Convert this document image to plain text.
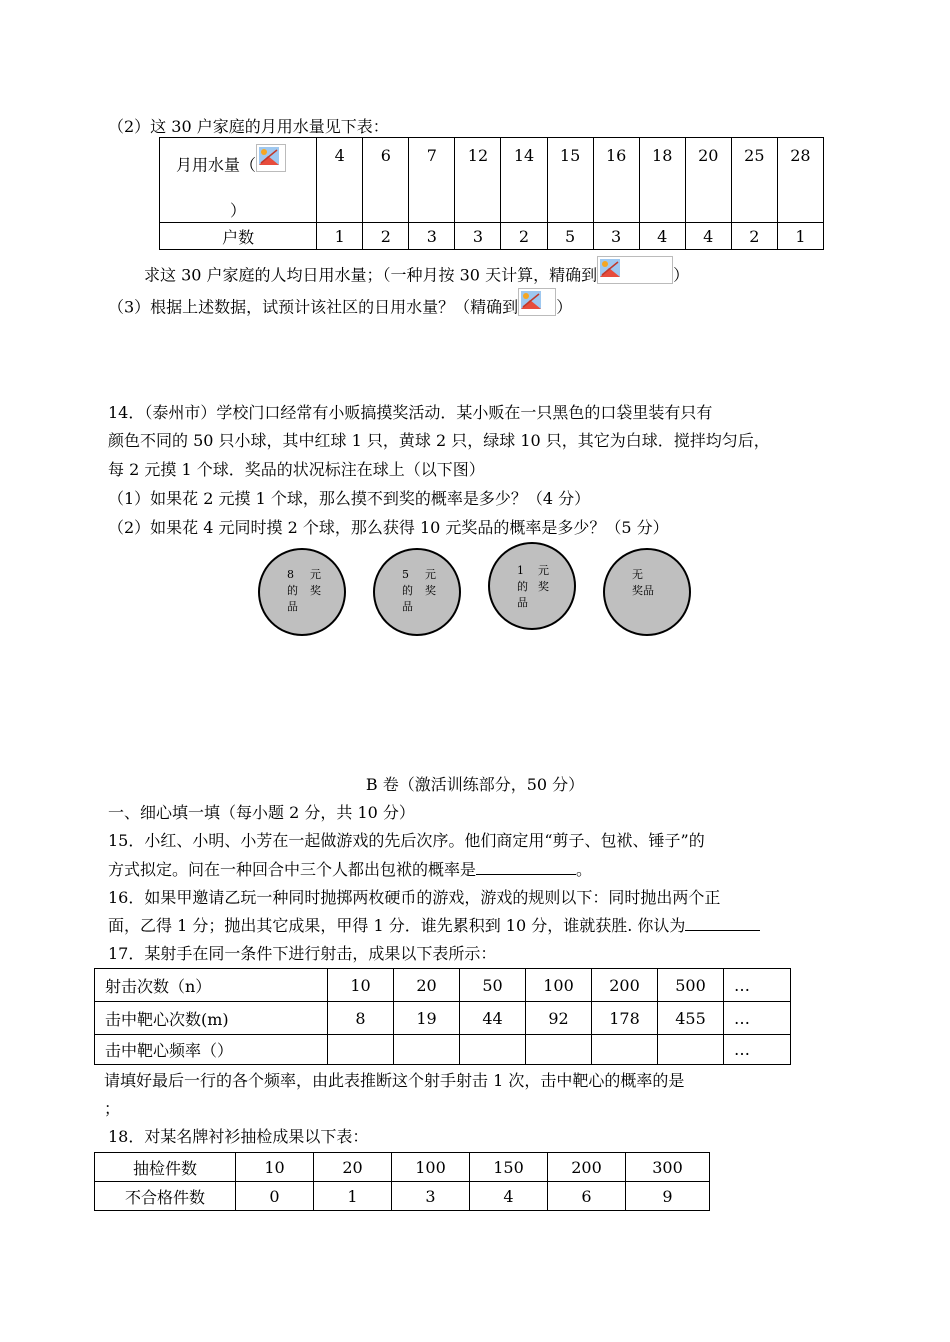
（2）这 30 户家庭的月用水量见下表：
月用水量（
）	4	6	7	12	14	15	16	18	20	25	28
户数	1	2	3	3	2	5	3	4	4	2	1
求这 30 户家庭的人均日用水量；（一种月按 30 天计算，精确到	）
（3）根据上述数据，试预计该社区的日用水量？（精确到 ）
14．（泰州市）学校门口经常有小贩搞摸奖活动．某小贩在一只黑色的口袋里装有只有
颜色不同的 50 只小球，其中红球 1 只，黄球 2 只，绿球 10 只，其它为白球．搅拌均匀后，
每 2 元摸 1 个球．奖品的状况标注在球上（以下图）
（1）如果花 2 元摸 1 个球，那么摸不到奖的概率是多少？（4 分）
（2）如果花 4 元同时摸 2 个球，那么获得 10 元奖品的概率是多少？（5 分）
8 元
的 奖
品
5 元
的 奖
品
1 元
的 奖
品
无
奖品
B 卷（激活训练部分，50 分）
一、细心填一填（每小题 2 分，共 10 分）
15．小红、小明、小芳在一起做游戏的先后次序。他们商定用“剪子、包袱、锤子”的
方式拟定。问在一种回合中三个人都出包袱的概率是	。
16．如果甲邀请乙玩一种同时抛掷两枚硬币的游戏，游戏的规则以下：同时抛出两个正
面，乙得 1 分；抛出其它成果，甲得 1 分．谁先累积到 10 分，谁就获胜. 你认为
17．某射手在同一条件下进行射击，成果以下表所示：
射击次数（n）	10	20	50	100	200	500	…
击中靶心次数(m)	8	19	44	92	178	455	…
击中靶心频率（）							…
请填好最后一行的各个频率，由此表推断这个射手射击 1 次，击中靶心的概率的是
；
18．对某名牌衬衫抽检成果以下表：
抽检件数	10	20	100	150	200	300
不合格件数	0	1	3	4	6	9
